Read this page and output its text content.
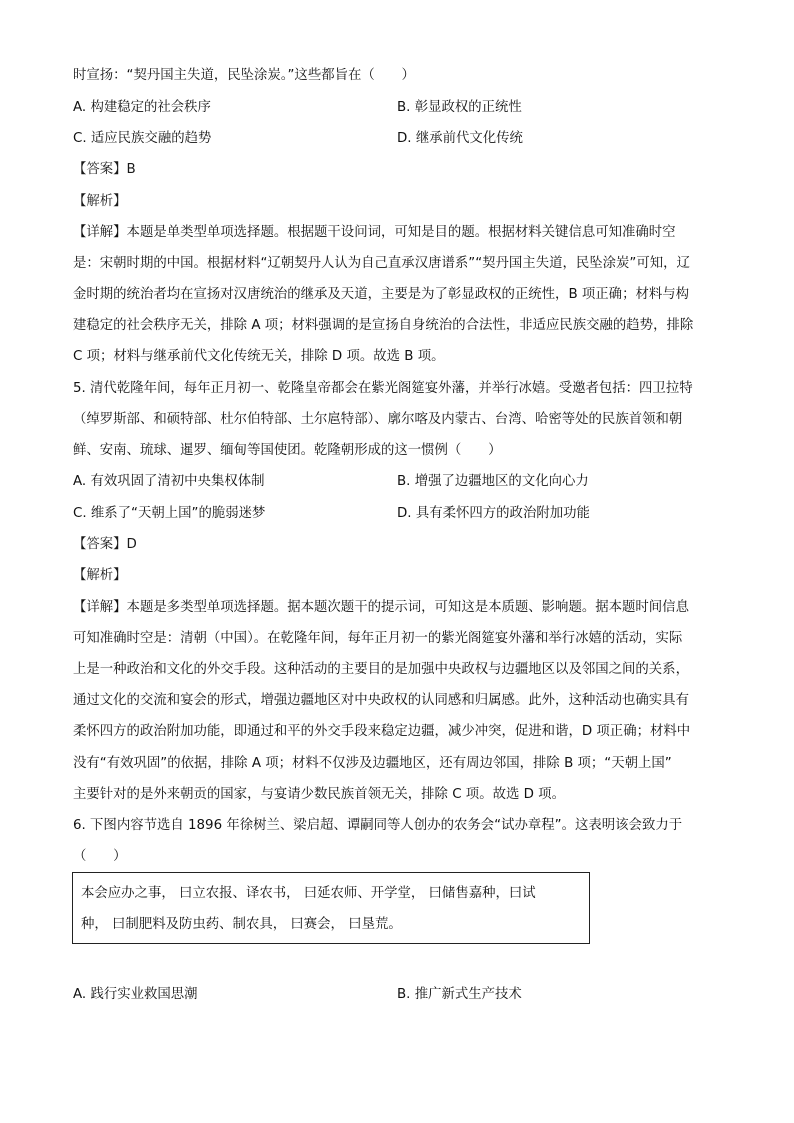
时宣扬：“契丹国主失道，民坠涂炭。”这些都旨在（　　）
A. 构建稳定的社会秩序	B. 彰显政权的正统性
C. 适应民族交融的趋势	D. 继承前代文化传统
【答案】B
【解析】
【详解】本题是单类型单项选择题。根据题干设问词，可知是目的题。根据材料关键信息可知准确时空
是：宋朝时期的中国。根据材料“辽朝契丹人认为自己直承汉唐谱系”“契丹国主失道，民坠涂炭”可知，辽
金时期的统治者均在宣扬对汉唐统治的继承及天道，主要是为了彰显政权的正统性，B 项正确；材料与构
建稳定的社会秩序无关，排除 A 项；材料强调的是宣扬自身统治的合法性，非适应民族交融的趋势，排除
C 项；材料与继承前代文化传统无关，排除 D 项。故选 B 项。
5. 清代乾隆年间，每年正月初一、乾隆皇帝都会在紫光阁筵宴外藩，并举行冰嬉。受邀者包括：四卫拉特
（绰罗斯部、和硕特部、杜尔伯特部、土尔扈特部）、廓尔喀及内蒙古、台湾、哈密等处的民族首领和朝
鲜、安南、琉球、暹罗、缅甸等国使团。乾隆朝形成的这一惯例（　　）
A. 有效巩固了清初中央集权体制	B. 增强了边疆地区的文化向心力
C. 维系了“天朝上国”的脆弱迷梦	D. 具有柔怀四方的政治附加功能
【答案】D
【解析】
【详解】本题是多类型单项选择题。据本题次题干的提示词，可知这是本质题、影响题。据本题时间信息
可知准确时空是：清朝（中国）。在乾隆年间，每年正月初一的紫光阁筵宴外藩和举行冰嬉的活动，实际
上是一种政治和文化的外交手段。这种活动的主要目的是加强中央政权与边疆地区以及邻国之间的关系，
通过文化的交流和宴会的形式，增强边疆地区对中央政权的认同感和归属感。此外，这种活动也确实具有
柔怀四方的政治附加功能，即通过和平的外交手段来稳定边疆，减少冲突，促进和谐，D 项正确；材料中
没有“有效巩固”的依据，排除 A 项；材料不仅涉及边疆地区，还有周边邻国，排除 B 项；“天朝上国”
主要针对的是外来朝贡的国家，与宴请少数民族首领无关，排除 C 项。故选 D 项。
6. 下图内容节选自 1896 年徐树兰、梁启超、谭嗣同等人创办的农务会“试办章程”。这表明该会致力于
（　　）
本会应办之事， 曰立农报、译农书， 曰延农师、开学堂， 曰储售嘉种，曰试
种， 曰制肥料及防虫药、制农具， 曰赛会， 曰垦荒。
A. 践行实业救国思潮	B. 推广新式生产技术
